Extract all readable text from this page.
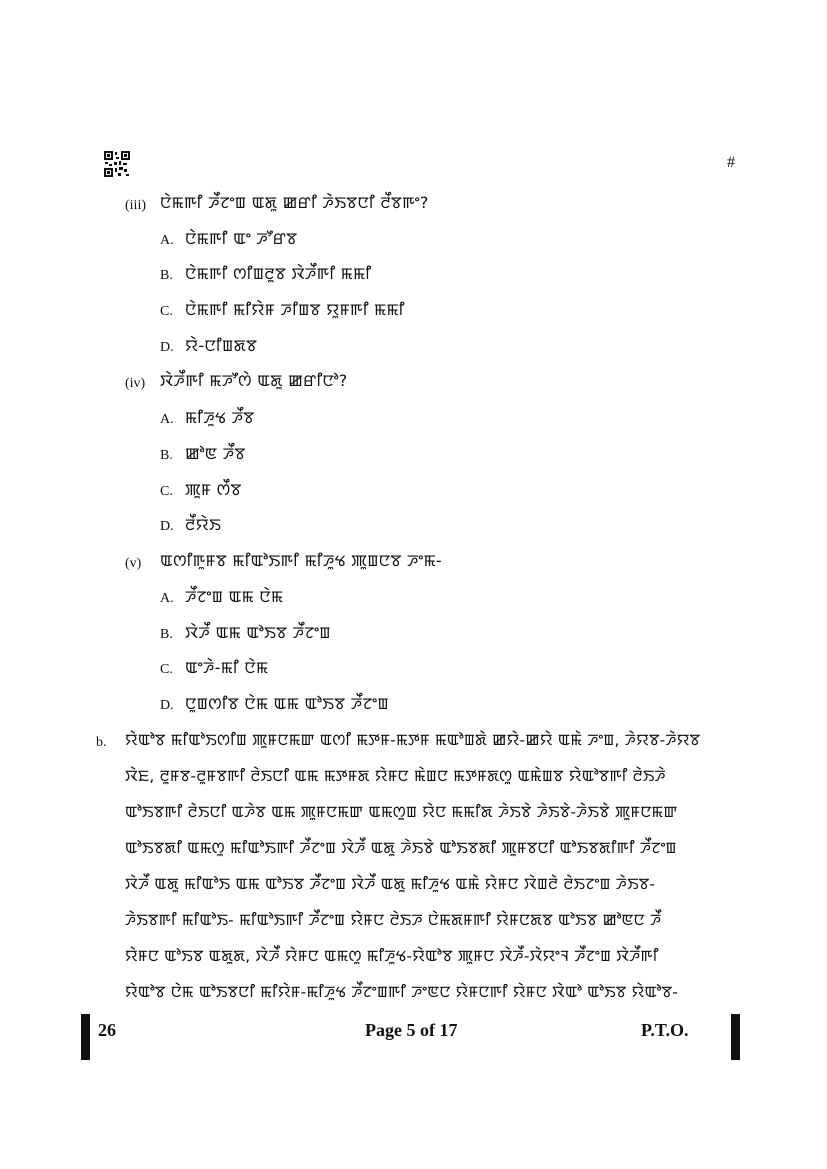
#
(iii) ꯅꯥꯃꯒꯤ ꯍꯩꯖꯦꯡ ꯑꯗꯨ ꯀꯔꯤ ꯍꯥꯏꯕꯅꯤ ꯂꯩꯕꯒꯦ?
A. ꯅꯥꯃꯒꯤ ꯑꯦ ꯍꯧꯔꯕ
B. ꯅꯥꯃꯒꯤ ꯁꯤꯡꯂꯨꯕ ꯋꯥꯍꯩꯒꯤ ꯃꯃꯤ
C. ꯅꯥꯃꯒꯤ ꯃꯤꯌꯥꯝ ꯍꯤꯡꯕ ꯌꯨꯝꯒꯤ ꯃꯃꯤ
D. ꯌꯥ-ꯅꯤꯡꯗꯕ
(iv) ꯋꯥꯍꯩꯒꯤ ꯃꯍꯧꯁꯥ ꯑꯗꯨ ꯀꯔꯤꯅꯣ?
A. ꯃꯤꯍꯨꯠ ꯍꯩꯕ
B. ꯀꯣꯟ ꯍꯩꯕ
C. ꯄꯨꯝ ꯁꯩꯕ
D. ꯂꯩꯌꯥꯏ
(v) ꯑꯁꯤꯒꯨꯝꯕ ꯃꯤꯑꯣꯏꯒꯤ ꯃꯤꯍꯨꯠ ꯄꯨꯡꯅꯕ ꯍꯦꯃ-
A. ꯍꯩꯖꯦꯡ ꯑꯃ ꯅꯥꯃ
B. ꯋꯥꯍꯩ ꯑꯃ ꯑꯣꯏꯕ ꯍꯩꯖꯦꯡ
C. ꯑꯦꯍꯥ-ꯃꯤ ꯅꯥꯃ
D. ꯅꯨꯡꯁꯤꯕ ꯅꯥꯃ ꯑꯃ ꯑꯣꯏꯕ ꯍꯩꯖꯦꯡ
b. ꯌꯥꯑꯣꯕ ꯃꯤꯑꯣꯏꯁꯤꯡ ꯄꯨꯝꯅꯃꯛ ꯑꯁꯤ ꯃꯇꯝ-ꯃꯇꯝ ꯃꯑꯣꯡꯗꯥ ꯀꯌꯥ-ꯀꯌꯥ ꯑꯃꯥ ꯍꯦꯡ, ꯍꯥꯌꯕ-ꯍꯥꯌꯕ
ꯋꯥꯐ, ꯂꯨꯝꯕ-ꯂꯨꯝꯕꯒꯤ ꯂꯥꯏꯅꯤ ꯑꯃ ꯃꯇꯝꯗ ꯌꯥꯝꯅ ꯃꯥꯡꯅ ꯃꯇꯝꯗꯁꯨ ꯑꯃꯥꯡꯕ ꯌꯥꯑꯣꯕꯒꯤ ꯂꯥꯏꯍꯥ
ꯑꯣꯏꯕꯒꯤ ꯂꯥꯏꯅꯤ ꯑꯍꯥꯕ ꯑꯃ ꯄꯨꯝꯅꯃꯛ ꯑꯃꯁꯨꯡ ꯌꯥꯅ ꯃꯃꯤꯗ ꯍꯥꯏꯕꯥ ꯍꯥꯏꯕꯥ-ꯍꯥꯏꯕꯥ ꯄꯨꯝꯅꯃꯛ
ꯑꯣꯏꯕꯗꯤ ꯑꯃꯁꯨ ꯃꯤꯑꯣꯏꯒꯤ ꯍꯩꯖꯦꯡ ꯋꯥꯍꯩ ꯑꯗꯨ ꯍꯥꯏꯕꯥ ꯑꯣꯏꯕꯗꯤ ꯄꯨꯝꯕꯅꯤ ꯑꯣꯏꯕꯗꯤꯒꯤ ꯍꯩꯖꯦꯡ
ꯋꯥꯍꯩ ꯑꯗꯨ ꯃꯤꯑꯣꯏ ꯑꯃ ꯑꯣꯏꯕ ꯍꯩꯖꯦꯡ ꯋꯥꯍꯩ ꯑꯗꯨ ꯃꯤꯍꯨꯠ ꯑꯃꯥ ꯌꯥꯝꯅ ꯋꯥꯡꯂꯥ ꯂꯥꯏꯖꯦꯡ ꯍꯥꯏꯕ-
ꯍꯥꯏꯕꯒꯤ ꯃꯤꯑꯣꯏ- ꯃꯤꯑꯣꯏꯒꯤ ꯍꯩꯖꯦꯡ ꯌꯥꯝꯅ ꯂꯥꯏꯍ ꯅꯥꯃꯗꯝꯒꯤ ꯌꯥꯝꯅꯗꯕ ꯑꯣꯏꯕ ꯀꯣꯟꯅ ꯍꯩ
ꯌꯥꯝꯅ ꯑꯣꯏꯕ ꯑꯗꯨꯗ, ꯋꯥꯍꯩ ꯌꯥꯝꯅ ꯑꯃꯁꯨ ꯃꯤꯍꯨꯠ-ꯌꯥꯑꯣꯕ ꯄꯨꯝꯅ ꯋꯥꯍꯩ-ꯋꯥꯌꯦꯜ ꯍꯩꯖꯦꯡ ꯋꯥꯍꯩꯒꯤ
ꯌꯥꯑꯣꯕ ꯅꯥꯃ ꯑꯣꯏꯕꯅꯤ ꯃꯤꯌꯥꯝ-ꯃꯤꯍꯨꯠ ꯍꯩꯖꯦꯡꯒꯤ ꯍꯦꯟꯅ ꯌꯥꯝꯅꯒꯤ ꯌꯥꯝꯅ ꯋꯥꯑꯣ ꯑꯣꯏꯕ ꯌꯥꯑꯣꯕ-
26	Page 5 of 17	P.T.O.
